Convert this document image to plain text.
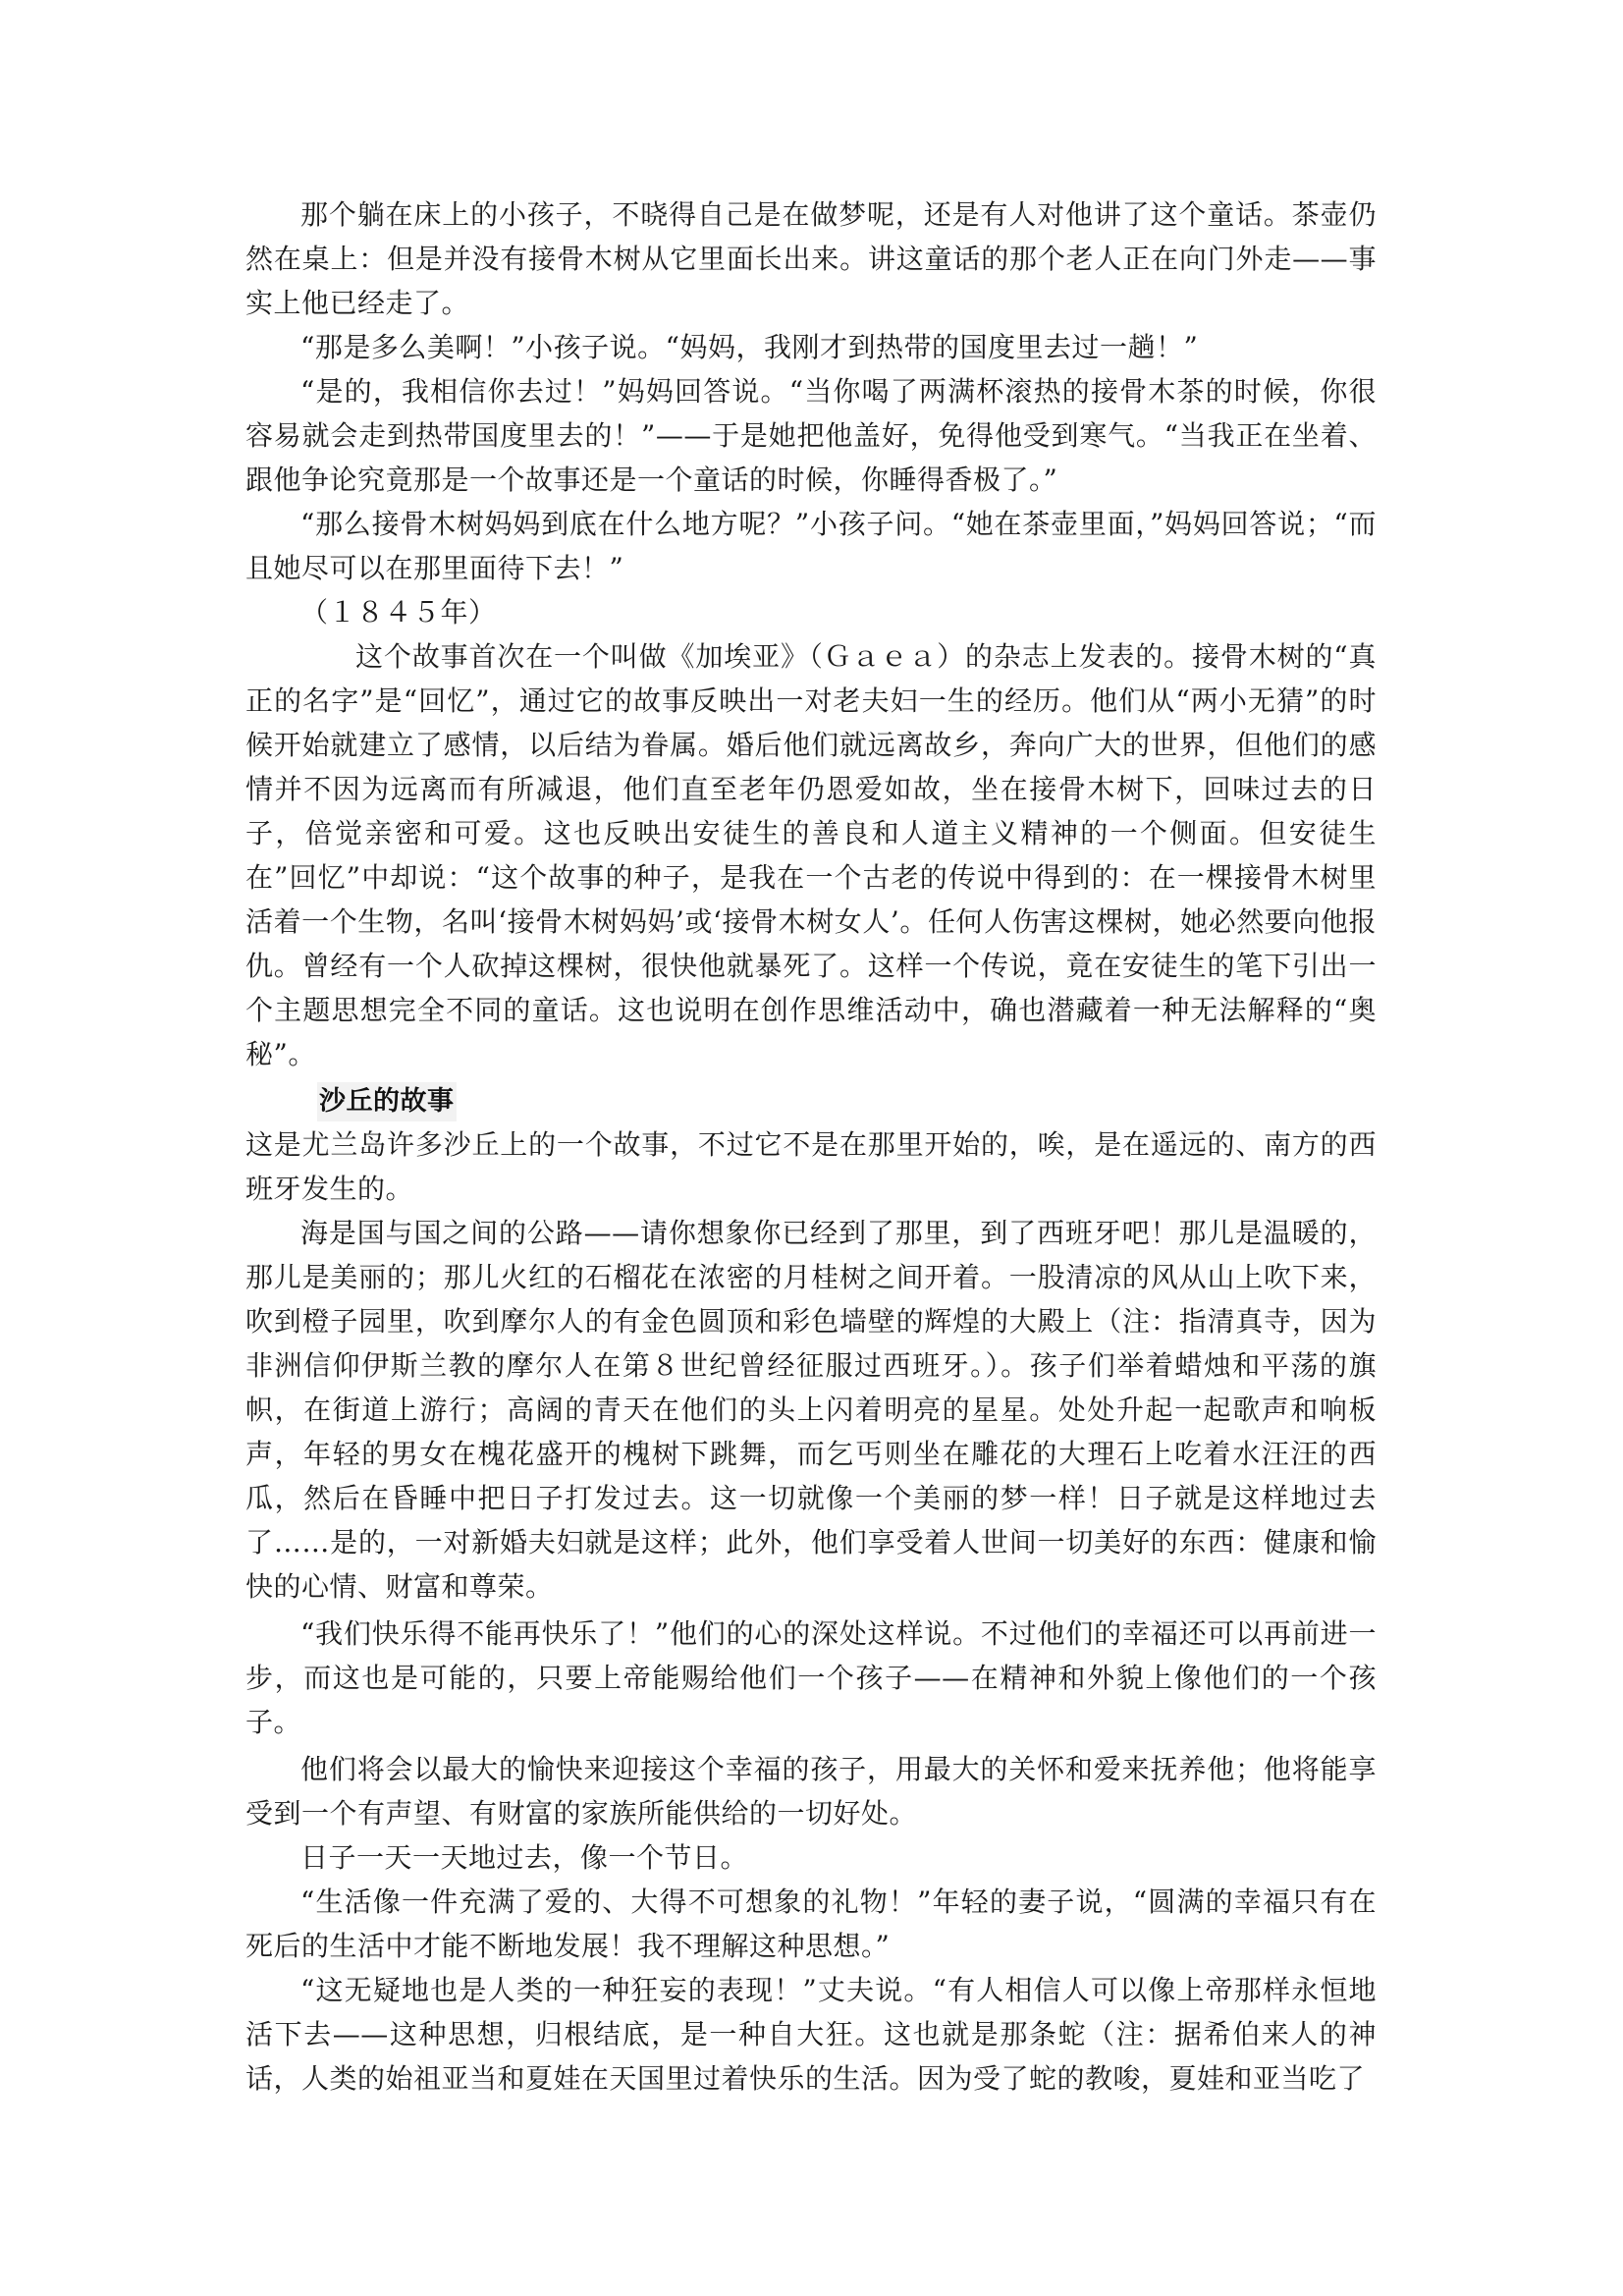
那个躺在床上的小孩子，不晓得自己是在做梦呢，还是有人对他讲了这个童话。茶壶仍然在桌上：但是并没有接骨木树从它里面长出来。讲这童话的那个老人正在向门外走——事实上他已经走了。

“那是多么美啊！”小孩子说。“妈妈，我刚才到热带的国度里去过一趟！”

“是的，我相信你去过！”妈妈回答说。“当你喝了两满杯滚热的接骨木茶的时候，你很容易就会走到热带国度里去的！”——于是她把他盖好，免得他受到寒气。“当我正在坐着、跟他争论究竟那是一个故事还是一个童话的时候，你睡得香极了。”

“那么接骨木树妈妈到底在什么地方呢？”小孩子问。“她在茶壶里面，”妈妈回答说；“而且她尽可以在那里面待下去！”

（１８４５年）

这个故事首次在一个叫做《加埃亚》（Ｇａｅａ）的杂志上发表的。接骨木树的“真正的名字”是“回忆”，通过它的故事反映出一对老夫妇一生的经历。他们从“两小无猜”的时候开始就建立了感情，以后结为眷属。婚后他们就远离故乡，奔向广大的世界，但他们的感情并不因为远离而有所减退，他们直至老年仍恩爱如故，坐在接骨木树下，回味过去的日子，倍觉亲密和可爱。这也反映出安徒生的善良和人道主义精神的一个侧面。但安徒生在”回忆”中却说：“这个故事的种子，是我在一个古老的传说中得到的：在一棵接骨木树里活着一个生物，名叫‘接骨木树妈妈’或‘接骨木树女人’。任何人伤害这棵树，她必然要向他报仇。曾经有一个人砍掉这棵树，很快他就暴死了。这样一个传说，竟在安徒生的笔下引出一个主题思想完全不同的童话。这也说明在创作思维活动中，确也潜藏着一种无法解释的“奥秘”。

沙丘的故事

这是尤兰岛许多沙丘上的一个故事，不过它不是在那里开始的，唉，是在遥远的、南方的西班牙发生的。

海是国与国之间的公路——请你想象你已经到了那里，到了西班牙吧！那儿是温暖的，那儿是美丽的；那儿火红的石榴花在浓密的月桂树之间开着。一股清凉的风从山上吹下来，吹到橙子园里，吹到摩尔人的有金色圆顶和彩色墙壁的辉煌的大殿上（注：指清真寺，因为非洲信仰伊斯兰教的摩尔人在第８世纪曾经征服过西班牙。）。孩子们举着蜡烛和平荡的旗帜，在街道上游行；高阔的青天在他们的头上闪着明亮的星星。处处升起一起歌声和响板声，年轻的男女在槐花盛开的槐树下跳舞，而乞丐则坐在雕花的大理石上吃着水汪汪的西瓜，然后在昏睡中把日子打发过去。这一切就像一个美丽的梦一样！日子就是这样地过去了……是的，一对新婚夫妇就是这样；此外，他们享受着人世间一切美好的东西：健康和愉快的心情、财富和尊荣。

“我们快乐得不能再快乐了！”他们的心的深处这样说。不过他们的幸福还可以再前进一步，而这也是可能的，只要上帝能赐给他们一个孩子——在精神和外貌上像他们的一个孩子。

他们将会以最大的愉快来迎接这个幸福的孩子，用最大的关怀和爱来抚养他；他将能享受到一个有声望、有财富的家族所能供给的一切好处。

日子一天一天地过去，像一个节日。

“生活像一件充满了爱的、大得不可想象的礼物！”年轻的妻子说，“圆满的幸福只有在死后的生活中才能不断地发展！我不理解这种思想。”

“这无疑地也是人类的一种狂妄的表现！”丈夫说。“有人相信人可以像上帝那样永恒地活下去——这种思想，归根结底，是一种自大狂。这也就是那条蛇（注：据希伯来人的神话，人类的始祖亚当和夏娃在天国里过着快乐的生活。因为受了蛇的教唆，夏娃和亚当吃了
